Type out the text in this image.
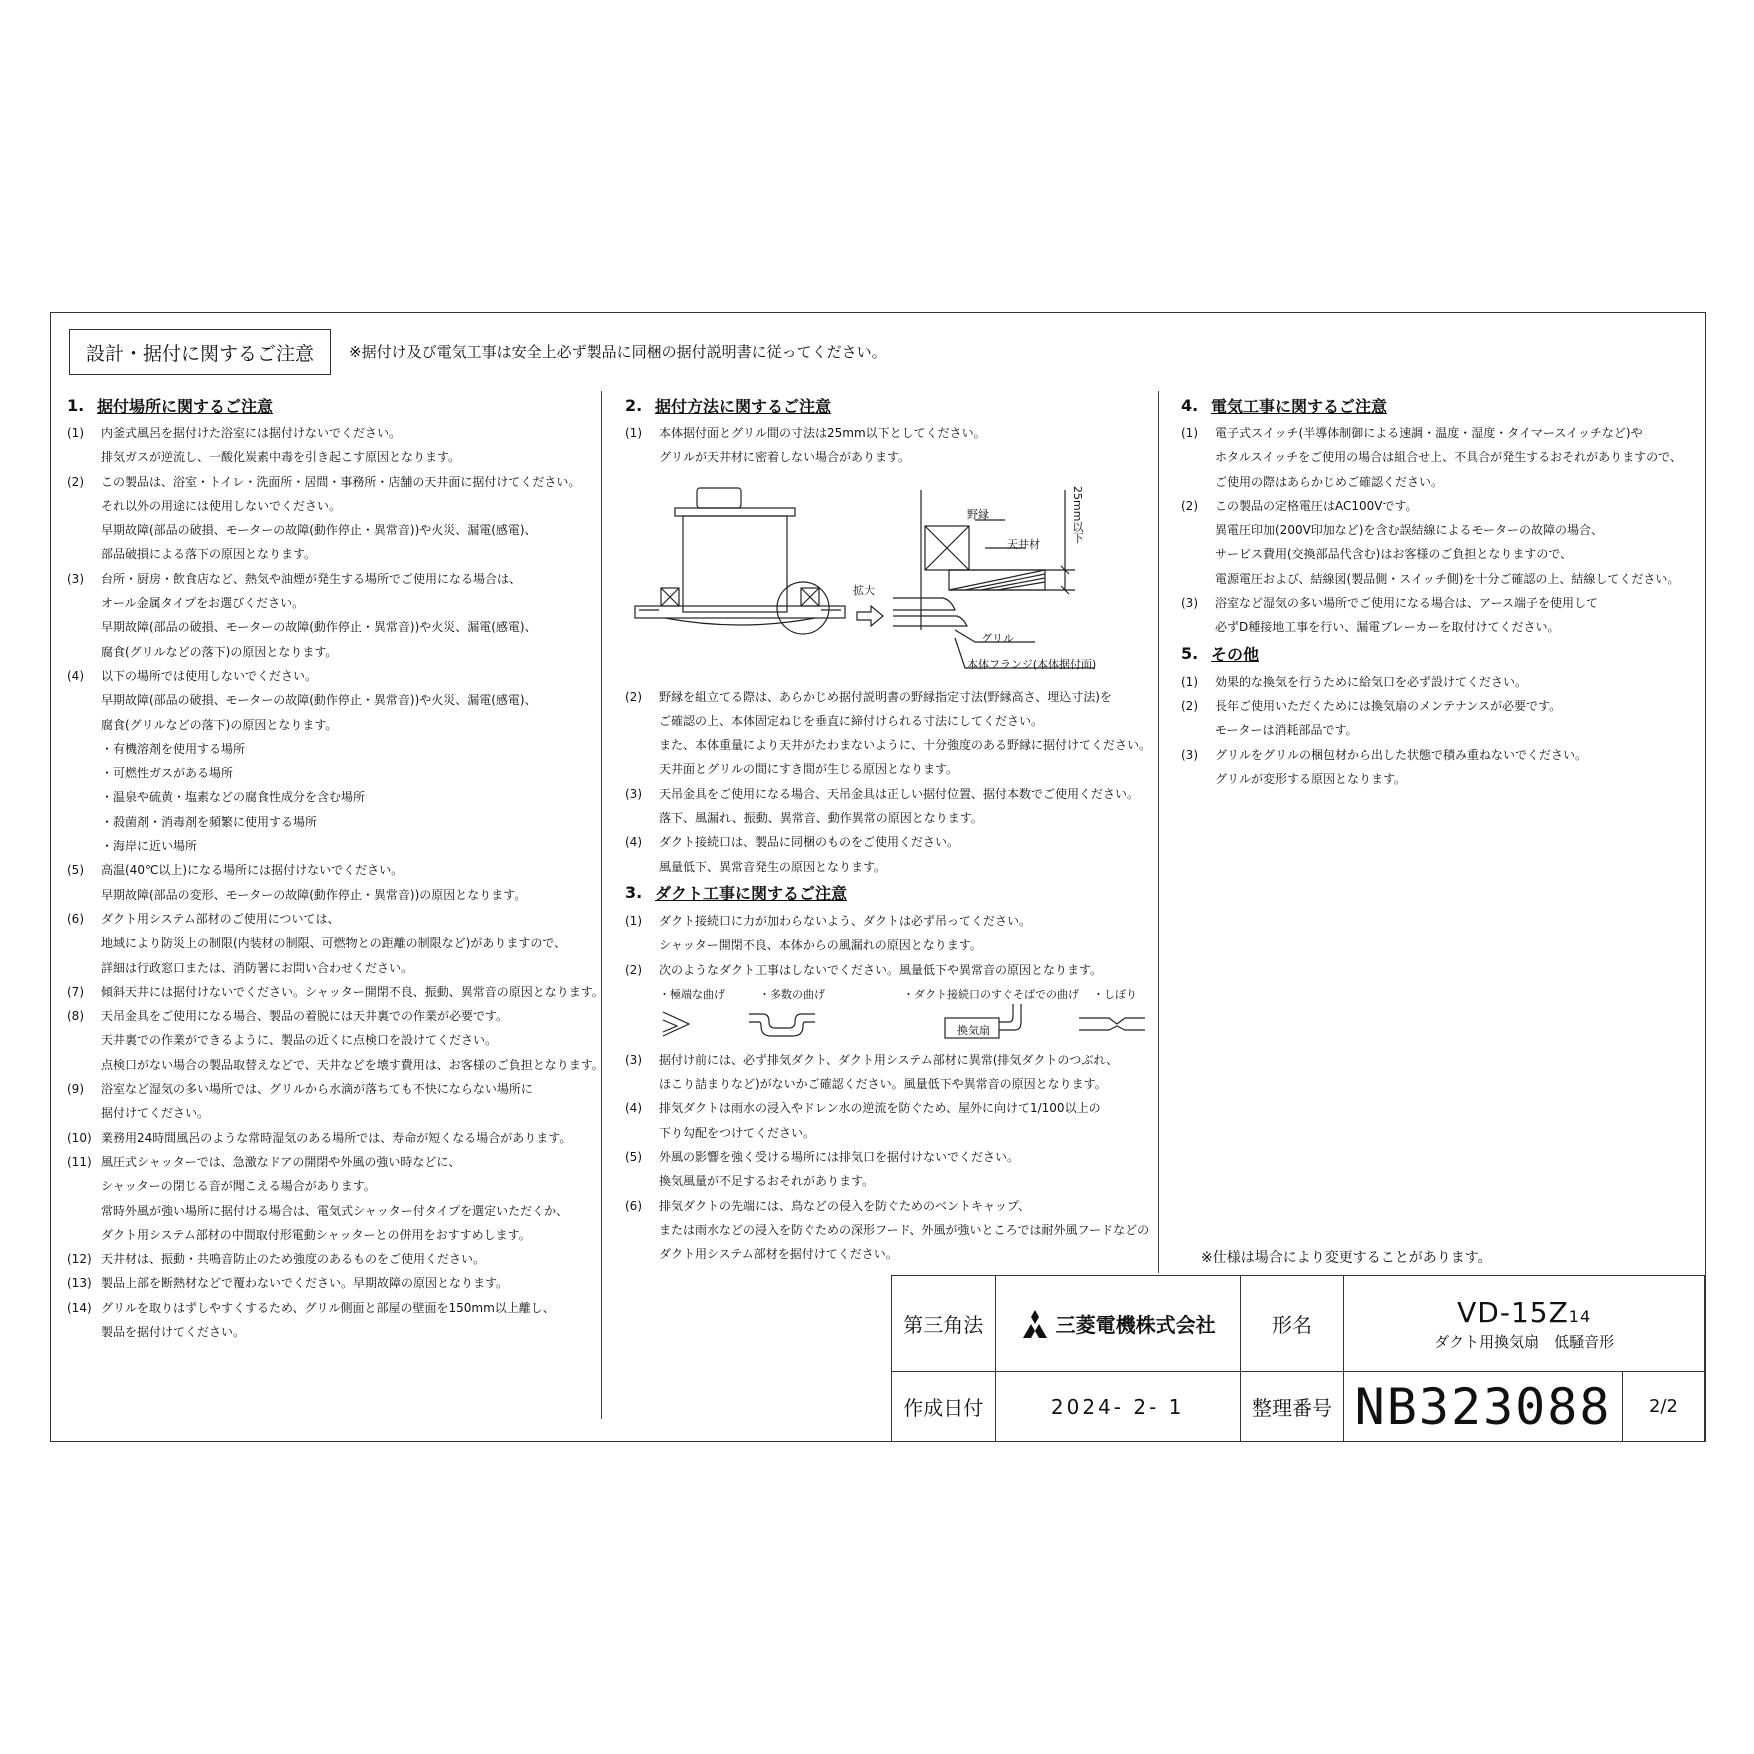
設計・据付に関するご注意	※据付け及び電気工事は安全上必ず製品に同梱の据付説明書に従ってください。
1. 据付場所に関するご注意
(1)	内釜式風呂を据付けた浴室には据付けないでください。
排気ガスが逆流し、一酸化炭素中毒を引き起こす原因となります。
(2)	この製品は、浴室・トイレ・洗面所・居間・事務所・店舗の天井面に据付けてください。
それ以外の用途には使用しないでください。
早期故障(部品の破損、モーターの故障(動作停止・異常音))や火災、漏電(感電)、
部品破損による落下の原因となります。
(3)	台所・厨房・飲食店など、熱気や油煙が発生する場所でご使用になる場合は、
オール金属タイプをお選びください。
早期故障(部品の破損、モーターの故障(動作停止・異常音))や火災、漏電(感電)、
腐食(グリルなどの落下)の原因となります。
(4)	以下の場所では使用しないでください。
早期故障(部品の破損、モーターの故障(動作停止・異常音))や火災、漏電(感電)、
腐食(グリルなどの落下)の原因となります。
・有機溶剤を使用する場所
・可燃性ガスがある場所
・温泉や硫黄・塩素などの腐食性成分を含む場所
・殺菌剤・消毒剤を頻繁に使用する場所
・海岸に近い場所
(5)	高温(40℃以上)になる場所には据付けないでください。
早期故障(部品の変形、モーターの故障(動作停止・異常音))の原因となります。
(6)	ダクト用システム部材のご使用については、
地域により防災上の制限(内装材の制限、可燃物との距離の制限など)がありますので、
詳細は行政窓口または、消防署にお問い合わせください。
(7)	傾斜天井には据付けないでください。シャッター開閉不良、振動、異常音の原因となります。
(8)	天吊金具をご使用になる場合、製品の着脱には天井裏での作業が必要です。
天井裏での作業ができるように、製品の近くに点検口を設けてください。
点検口がない場合の製品取替えなどで、天井などを壊す費用は、お客様のご負担となります。
(9)	浴室など湿気の多い場所では、グリルから水滴が落ちても不快にならない場所に
据付けてください。
(10) 業務用24時間風呂のような常時湿気のある場所では、寿命が短くなる場合があります。
(11) 風圧式シャッターでは、急激なドアの開閉や外風の強い時などに、
シャッターの閉じる音が聞こえる場合があります。
常時外風が強い場所に据付ける場合は、電気式シャッター付タイプを選定いただくか、
ダクト用システム部材の中間取付形電動シャッターとの併用をおすすめします。
(12) 天井材は、振動・共鳴音防止のため強度のあるものをご使用ください。
(13) 製品上部を断熱材などで覆わないでください。早期故障の原因となります。
(14) グリルを取りはずしやすくするため、グリル側面と部屋の壁面を150mm以上離し、
製品を据付けてください。
2. 据付方法に関するご注意
(1)	本体据付面とグリル間の寸法は25mm以下としてください。
グリルが天井材に密着しない場合があります。
野縁
天井材
25mm以下
拡大
グリル
本体フランジ(本体据付面)
(2)	野縁を組立てる際は、あらかじめ据付説明書の野縁指定寸法(野縁高さ、埋込寸法)を
ご確認の上、本体固定ねじを垂直に締付けられる寸法にしてください。
また、本体重量により天井がたわまないように、十分強度のある野縁に据付けてください。
天井面とグリルの間にすき間が生じる原因となります。
(3)	天吊金具をご使用になる場合、天吊金具は正しい据付位置、据付本数でご使用ください。
落下、風漏れ、振動、異常音、動作異常の原因となります。
(4)	ダクト接続口は、製品に同梱のものをご使用ください。
風量低下、異常音発生の原因となります。
3. ダクト工事に関するご注意
(1)	ダクト接続口に力が加わらないよう、ダクトは必ず吊ってください。
シャッター開閉不良、本体からの風漏れの原因となります。
(2)	次のようなダクト工事はしないでください。風量低下や異常音の原因となります。
・極端な曲げ	・多数の曲げ	・ダクト接続口のすぐそばでの曲げ ・しぼり
換気扇
(3)	据付け前には、必ず排気ダクト、ダクト用システム部材に異常(排気ダクトのつぶれ、
ほこり詰まりなど)がないかご確認ください。風量低下や異常音の原因となります。
(4)	排気ダクトは雨水の浸入やドレン水の逆流を防ぐため、屋外に向けて1/100以上の
下り勾配をつけてください。
(5)	外風の影響を強く受ける場所には排気口を据付けないでください。
換気風量が不足するおそれがあります。
(6)	排気ダクトの先端には、鳥などの侵入を防ぐためのベントキャップ、
または雨水などの浸入を防ぐための深形フード、外風が強いところでは耐外風フードなどの
ダクト用システム部材を据付けてください。
4. 電気工事に関するご注意
(1)	電子式スイッチ(半導体制御による速調・温度・湿度・タイマースイッチなど)や
ホタルスイッチをご使用の場合は組合せ上、不具合が発生するおそれがありますので、
ご使用の際はあらかじめご確認ください。
(2)	この製品の定格電圧はAC100Vです。
異電圧印加(200V印加など)を含む誤結線によるモーターの故障の場合、
サービス費用(交換部品代含む)はお客様のご負担となりますので、
電源電圧および、結線図(製品側・スイッチ側)を十分ご確認の上、結線してください。
(3)	浴室など湿気の多い場所でご使用になる場合は、アース端子を使用して
必ずD種接地工事を行い、漏電ブレーカーを取付けてください。
5. その他
(1)	効果的な換気を行うために給気口を必ず設けてください。
(2)	長年ご使用いただくためには換気扇のメンテナンスが必要です。
モーターは消耗部品です。
(3)	グリルをグリルの梱包材から出した状態で積み重ねないでください。
グリルが変形する原因となります。
※仕様は場合により変更することがあります。
第三角法	三菱電機株式会社	形名	VD-15Z14
ダクト用換気扇　低騒音形	

作成日付	2024- 2- 1	整理番号	NB323088	2/2
